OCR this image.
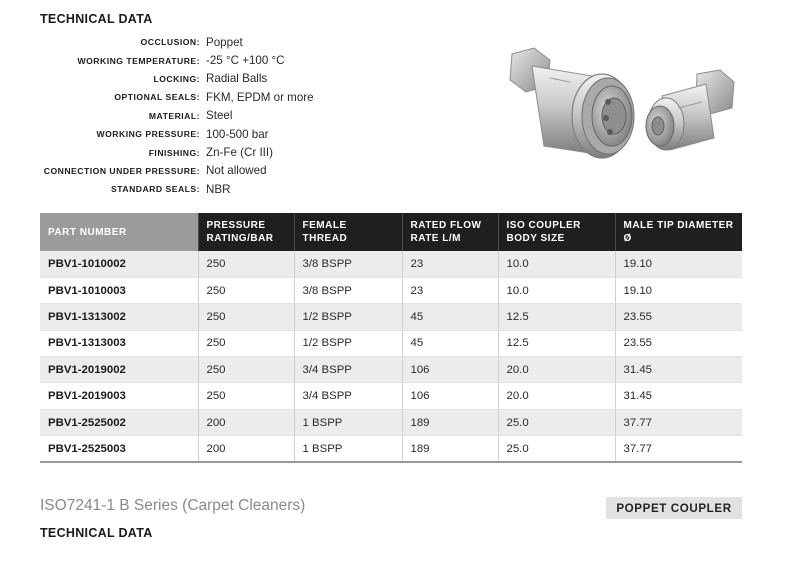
TECHNICAL DATA
OCCLUSION: Poppet
WORKING TEMPERATURE: -25 °C +100 °C
LOCKING: Radial Balls
OPTIONAL SEALS: FKM, EPDM or more
MATERIAL: Steel
WORKING PRESSURE: 100-500 bar
FINISHING: Zn-Fe (Cr III)
CONNECTION UNDER PRESSURE: Not allowed
STANDARD SEALS: NBR
PART NUMBER	PRESSURE RATING/BAR	FEMALE THREAD	RATED FLOW RATE L/M	ISO COUPLER BODY SIZE	MALE TIP DIAMETER Ø
PBV1-1010002	250	3/8 BSPP	23	10.0	19.10
PBV1-1010003	250	3/8 BSPP	23	10.0	19.10
PBV1-1313002	250	1/2 BSPP	45	12.5	23.55
PBV1-1313003	250	1/2 BSPP	45	12.5	23.55
PBV1-2019002	250	3/4 BSPP	106	20.0	31.45
PBV1-2019003	250	3/4 BSPP	106	20.0	31.45
PBV1-2525002	200	1 BSPP	189	25.0	37.77
PBV1-2525003	200	1 BSPP	189	25.0	37.77
ISO7241-1 B Series (Carpet Cleaners)	POPPET COUPLER
TECHNICAL DATA
